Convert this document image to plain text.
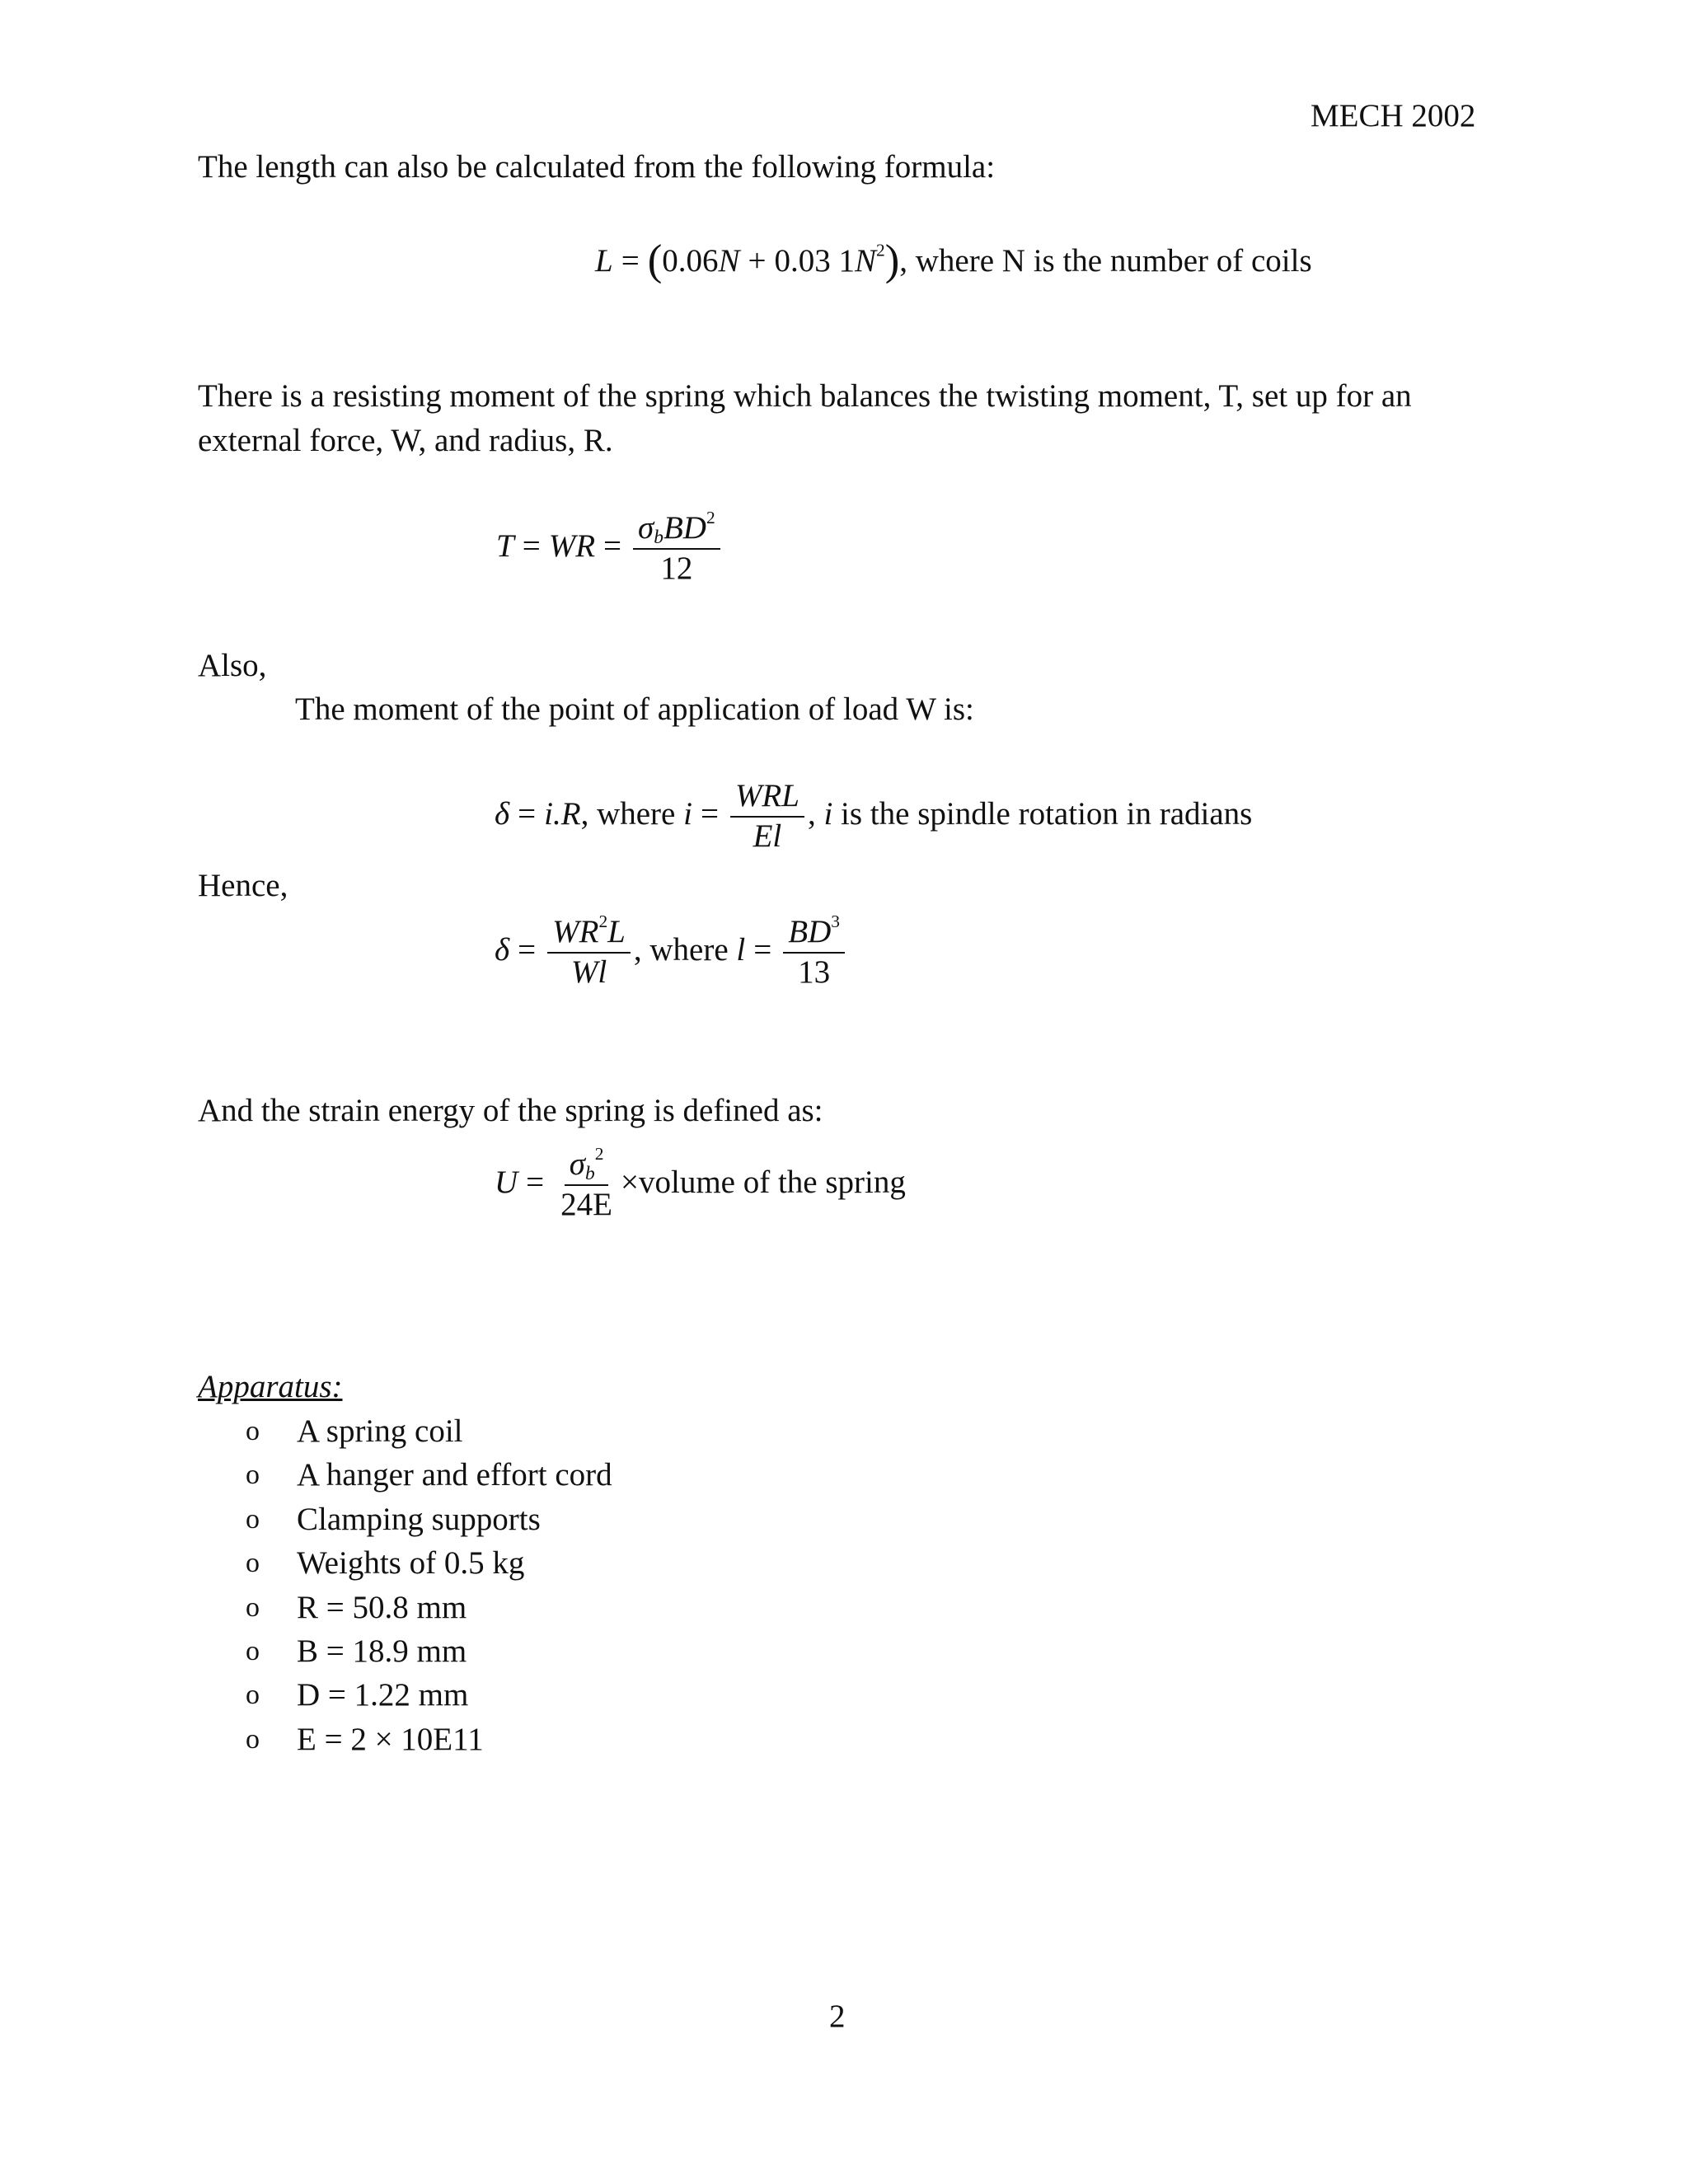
MECH 2002
The length can also be calculated from the following formula:
L = (0.06N + 0.03 $1N^2$), where N is the number of coils
There is a resisting moment of the spring which balances the twisting moment, T, set up for an
external force, W, and radius, R.
T = WR = $\frac{\sigma_bBD^2}{12}$
Also,
The moment of the point of application of load W is:
δ = i.R, where $i = \frac{\text{WRL}}{El}$ , i is the spindle rotation in radians
Hence,
$\delta = \frac{WR^2L}{Wl}$ , where $l = \frac{BD^3}{13}$
And the strain energy of the spring is defined as:
$U = \frac{\sigma_b^2}{24E}$ ×volume of the spring
Apparatus:
o A spring coil
o A hanger and effort cord
o Clamping supports
o Weights of 0.5 kg
o R = 50.8 mm
o B = 18.9 mm
o D = 1.22 mm
o E = 2 × 10E11
2
